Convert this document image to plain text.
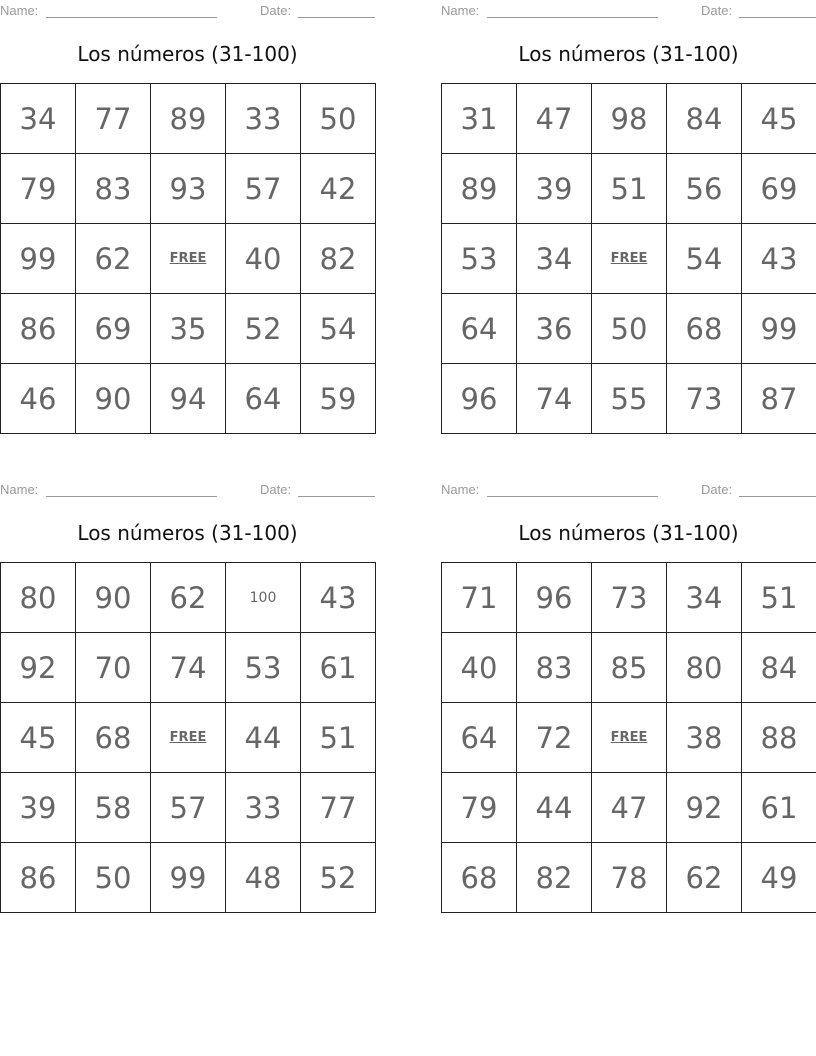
Name:	Date:
Los números (31-100)
34	77	89	33	50
79	83	93	57	42
99	62	FREE	40	82
86	69	35	52	54
46	90	94	64	59
Name:	Date:
Los números (31-100)
31	47	98	84	45
89	39	51	56	69
53	34	FREE	54	43
64	36	50	68	99
96	74	55	73	87
Name:	Date:
Los números (31-100)
80	90	62	100	43
92	70	74	53	61
45	68	FREE	44	51
39	58	57	33	77
86	50	99	48	52
Name:	Date:
Los números (31-100)
71	96	73	34	51
40	83	85	80	84
64	72	FREE	38	88
79	44	47	92	61
68	82	78	62	49
